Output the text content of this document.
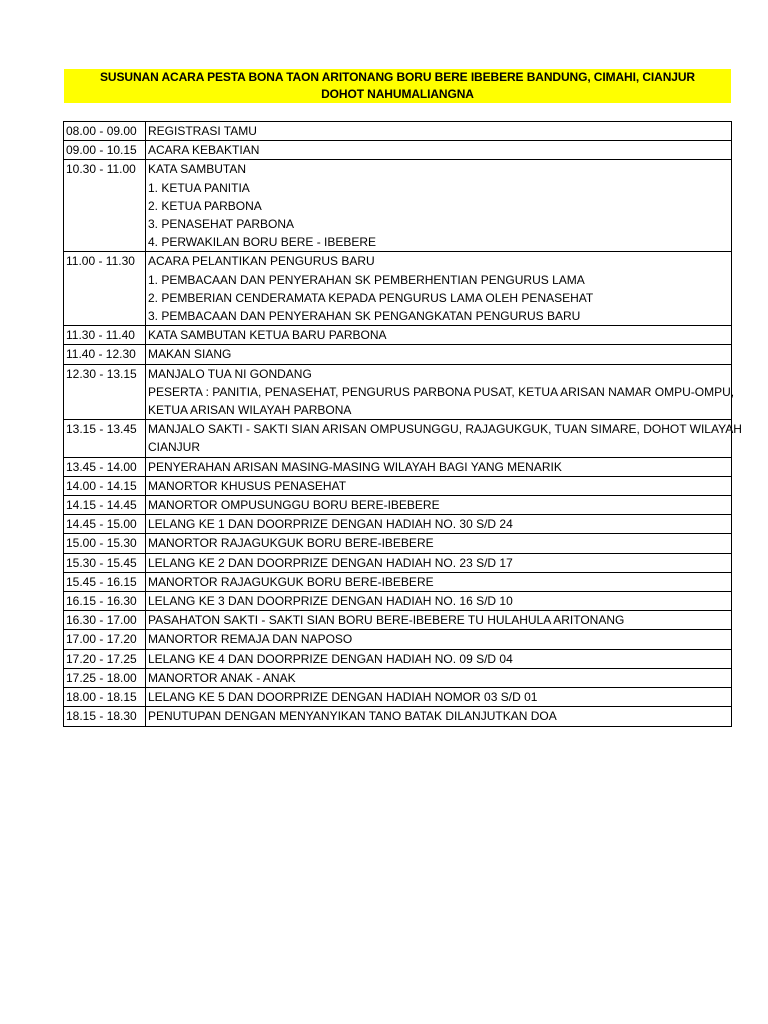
SUSUNAN ACARA PESTA BONA TAON ARITONANG BORU BERE IBEBERE BANDUNG, CIMAHI, CIANJUR DOHOT NAHUMALIANGNA
08.00 - 09.00	REGISTRASI TAMU

09.00 - 10.15	ACARA KEBAKTIAN

10.30 - 11.00	KATA SAMBUTAN
1. KETUA PANITIA
2. KETUA PARBONA
3. PENASEHAT PARBONA
4. PERWAKILAN BORU BERE - IBEBERE

11.00 - 11.30	ACARA PELANTIKAN PENGURUS BARU
1. PEMBACAAN DAN PENYERAHAN SK PEMBERHENTIAN PENGURUS LAMA
2. PEMBERIAN CENDERAMATA KEPADA PENGURUS LAMA OLEH PENASEHAT
3. PEMBACAAN DAN PENYERAHAN SK PENGANGKATAN PENGURUS BARU

11.30 - 11.40	KATA SAMBUTAN KETUA BARU PARBONA

11.40 - 12.30	MAKAN SIANG

12.30 - 13.15	MANJALO TUA NI GONDANG
PESERTA : PANITIA, PENASEHAT, PENGURUS PARBONA PUSAT, KETUA ARISAN NAMAR OMPU-OMPU,
KETUA ARISAN WILAYAH PARBONA

13.15 - 13.45	MANJALO SAKTI - SAKTI SIAN ARISAN OMPUSUNGGU, RAJAGUKGUK, TUAN SIMARE, DOHOT WILAYAH
CIANJUR

13.45 - 14.00	PENYERAHAN ARISAN MASING-MASING WILAYAH BAGI YANG MENARIK

14.00 - 14.15	MANORTOR KHUSUS PENASEHAT

14.15 - 14.45	MANORTOR OMPUSUNGGU BORU BERE-IBEBERE

14.45 - 15.00	LELANG KE 1 DAN DOORPRIZE DENGAN HADIAH NO. 30 S/D 24

15.00 - 15.30	MANORTOR RAJAGUKGUK BORU BERE-IBEBERE

15.30 - 15.45	LELANG KE 2 DAN DOORPRIZE DENGAN HADIAH NO. 23 S/D 17

15.45 - 16.15	MANORTOR RAJAGUKGUK BORU BERE-IBEBERE

16.15 - 16.30	LELANG KE 3 DAN DOORPRIZE DENGAN HADIAH NO. 16 S/D 10

16.30 - 17.00	PASAHATON SAKTI - SAKTI SIAN BORU BERE-IBEBERE TU HULAHULA ARITONANG

17.00 - 17.20	MANORTOR REMAJA DAN NAPOSO

17.20 - 17.25	LELANG KE 4 DAN DOORPRIZE DENGAN HADIAH NO. 09 S/D 04

17.25 - 18.00	MANORTOR ANAK - ANAK

18.00 - 18.15	LELANG KE 5 DAN DOORPRIZE DENGAN HADIAH NOMOR 03 S/D 01

18.15 - 18.30	PENUTUPAN DENGAN MENYANYIKAN TANO BATAK DILANJUTKAN DOA
